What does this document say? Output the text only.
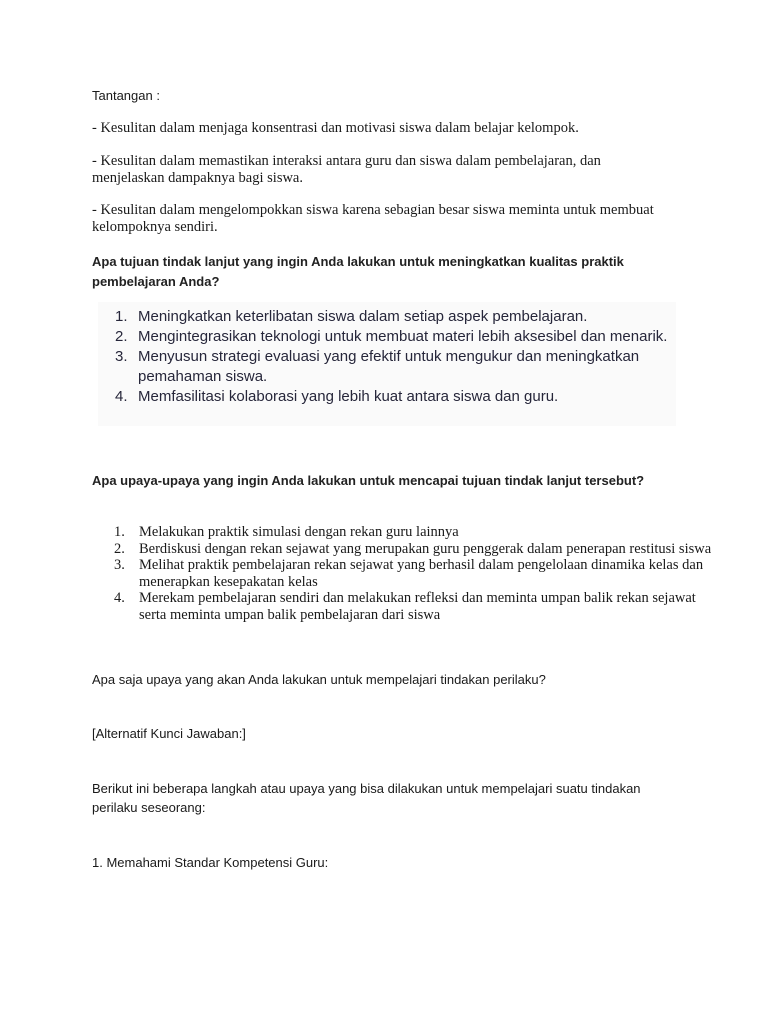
Tantangan :
- Kesulitan dalam menjaga konsentrasi dan motivasi siswa dalam belajar kelompok.
- Kesulitan dalam memastikan interaksi antara guru dan siswa dalam pembelajaran, dan menjelaskan dampaknya bagi siswa.
- Kesulitan dalam mengelompokkan siswa karena sebagian besar siswa meminta untuk membuat kelompoknya sendiri.
Apa tujuan tindak lanjut yang ingin Anda lakukan untuk meningkatkan kualitas praktik pembelajaran Anda?
1. Meningkatkan keterlibatan siswa dalam setiap aspek pembelajaran.
2. Mengintegrasikan teknologi untuk membuat materi lebih aksesibel dan menarik.
3. Menyusun strategi evaluasi yang efektif untuk mengukur dan meningkatkan pemahaman siswa.
4. Memfasilitasi kolaborasi yang lebih kuat antara siswa dan guru.
Apa upaya-upaya yang ingin Anda lakukan untuk mencapai tujuan tindak lanjut tersebut?
1. Melakukan praktik simulasi dengan rekan guru lainnya
2. Berdiskusi dengan rekan sejawat yang merupakan guru penggerak dalam penerapan restitusi siswa
3. Melihat praktik pembelajaran rekan sejawat yang berhasil dalam pengelolaan dinamika kelas dan menerapkan kesepakatan kelas
4. Merekam pembelajaran sendiri dan melakukan refleksi dan meminta umpan balik rekan sejawat serta meminta umpan balik pembelajaran dari siswa
Apa saja upaya yang akan Anda lakukan untuk mempelajari tindakan perilaku?
[Alternatif Kunci Jawaban:]
Berikut ini beberapa langkah atau upaya yang bisa dilakukan untuk mempelajari suatu tindakan perilaku seseorang:
1. Memahami Standar Kompetensi Guru:
